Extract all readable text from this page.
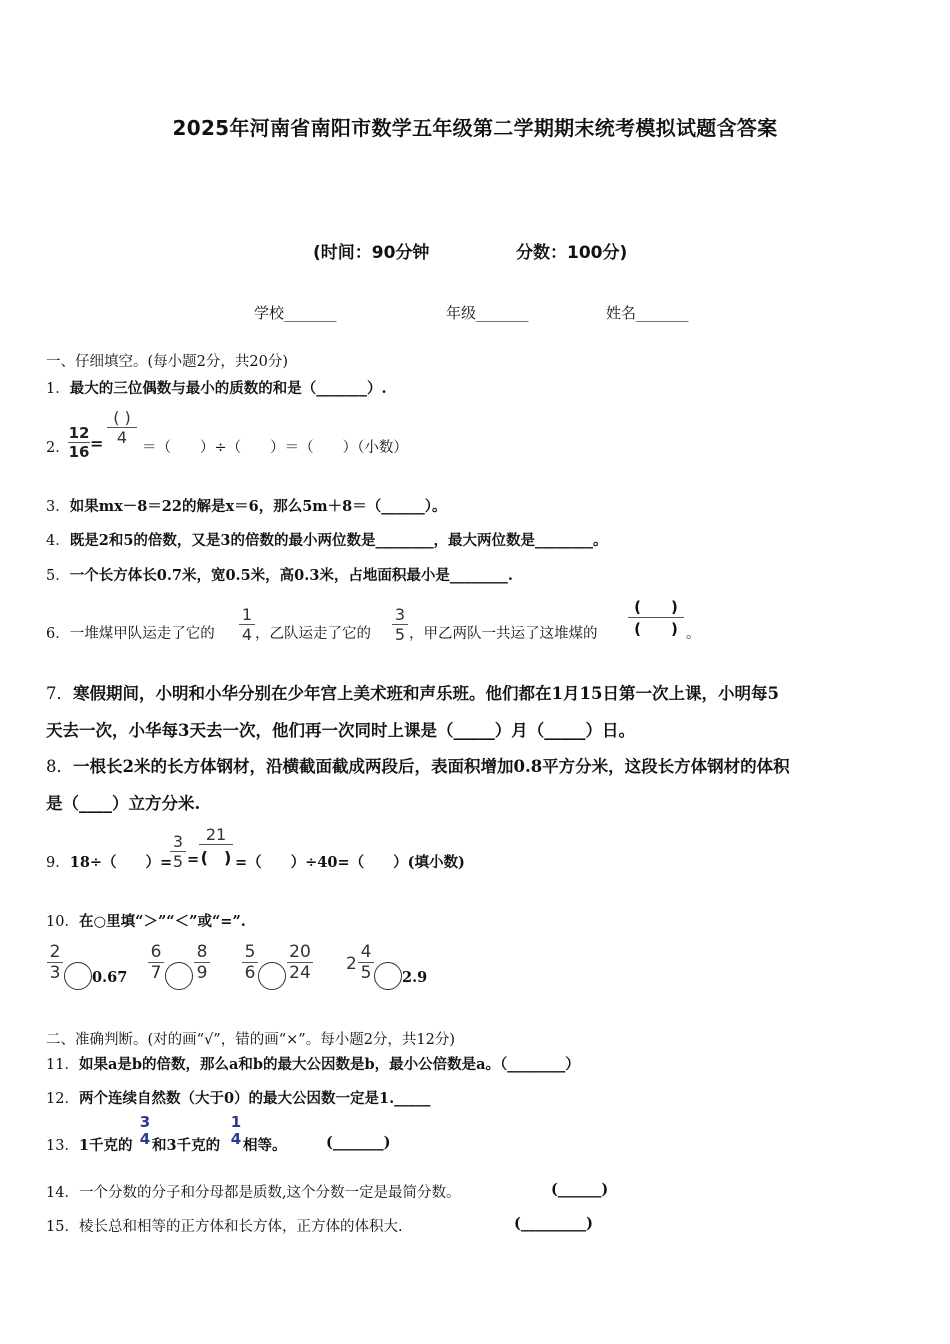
2025年河南省南阳市数学五年级第二学期期末统考模拟试题含答案
(时间：90分钟	分数：100分)
学校_______	年级_______	姓名_______
一、仔细填空。(每小题2分，共20分)
1．最大的三位偶数与最小的质数的和是（_______）.
2．
$\frac{12}{16}$ =
( )
4
＝（　　）÷（　　）＝（　　）（小数）
3．如果mx－8＝22的解是x＝6，那么5m＋8＝（______）。
4．既是2和5的倍数，又是3的倍数的最小两位数是________，最大两位数是________。
5．一个长方体长0.7米，宽0.5米，高0.3米，占地面积最小是________.
6．一堆煤甲队运走了它的 $\frac{1}{4}$ ，乙队运走了它的 $\frac{3}{5}$ ，甲乙两队一共运了这堆煤的
(　　)
(　　) 。
7．寒假期间，小明和小华分别在少年宫上美术班和声乐班。他们都在1月15日第一次上课，小明每5
天去一次，小华每3天去一次，他们再一次同时上课是（_____）月（_____）日。
8．一根长2米的长方体钢材，沿横截面截成两段后，表面积增加0.8平方分米，这段长方体钢材的体积
是（____）立方分米.
9．18÷（　　）=
$\frac{3}{5}$ =
21
(　) =（　　）÷40=（　　）(填小数)
10．在○里填“＞”“＜”或“=”.
$\frac{2}{3} 0.67 \frac{6}{7} \frac{8}{9} \frac{5}{6} \frac{20}{24} 2 \frac{4}{5} 2.9$
二、准确判断。(对的画“√”，错的画“×”。每小题2分，共12分)
11．如果a是b的倍数，那么a和b的最大公因数是b，最小公倍数是a。（________）
12．两个连续自然数（大于0）的最大公因数一定是1._____
13．1千克的
3
4 和3千克的
1
4 相等。	(_______)
14．一个分数的分子和分母都是质数,这个分数一定是最简分数。	(______)
15．棱长总和相等的正方体和长方体，正方体的体积大.	(_________)
